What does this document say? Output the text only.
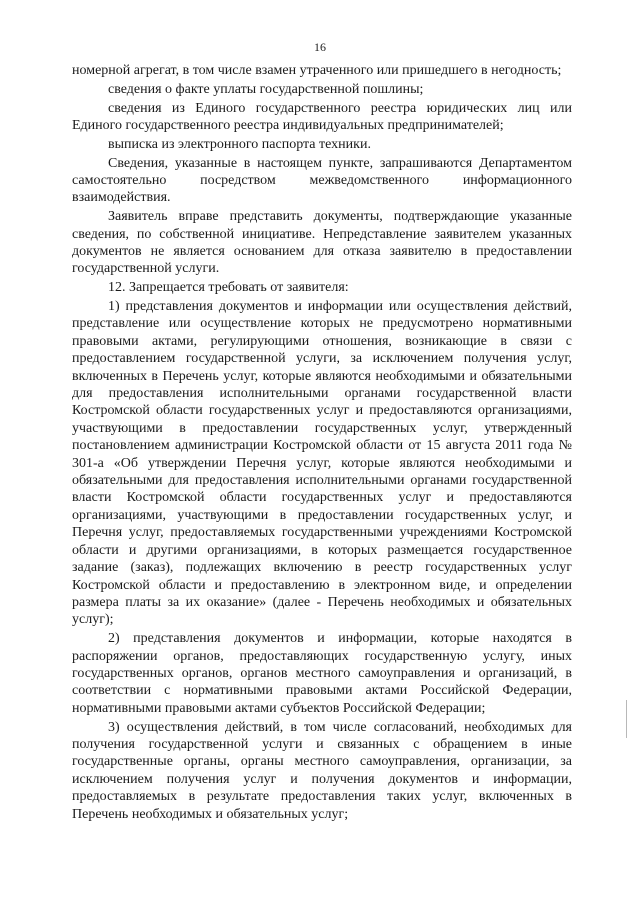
16

номерной агрегат, в том числе взамен утраченного или пришедшего в негодность;

сведения о факте уплаты государственной пошлины;

сведения из Единого государственного реестра юридических лиц или Единого государственного реестра индивидуальных предпринимателей;

выписка из электронного паспорта техники.

Сведения, указанные в настоящем пункте, запрашиваются Департаментом самостоятельно посредством межведомственного информационного взаимодействия.

Заявитель вправе представить документы, подтверждающие указанные сведения, по собственной инициативе. Непредставление заявителем указанных документов не является основанием для отказа заявителю в предоставлении государственной услуги.

12. Запрещается требовать от заявителя:

1) представления документов и информации или осуществления действий, представление или осуществление которых не предусмотрено нормативными правовыми актами, регулирующими отношения, возникающие в связи с предоставлением государственной услуги, за исключением получения услуг, включенных в Перечень услуг, которые являются необходимыми и обязательными для предоставления исполнительными органами государственной власти Костромской области государственных услуг и предоставляются организациями, участвующими в предоставлении государственных услуг, утвержденный постановлением администрации Костромской области от 15 августа 2011 года № 301-а «Об утверждении Перечня услуг, которые являются необходимыми и обязательными для предоставления исполнительными органами государственной власти Костромской области государственных услуг и предоставляются организациями, участвующими в предоставлении государственных услуг, и Перечня услуг, предоставляемых государственными учреждениями Костромской области и другими организациями, в которых размещается государственное задание (заказ), подлежащих включению в реестр государственных услуг Костромской области и предоставлению в электронном виде, и определении размера платы за их оказание» (далее - Перечень необходимых и обязательных услуг);

2) представления документов и информации, которые находятся в распоряжении органов, предоставляющих государственную услугу, иных государственных органов, органов местного самоуправления и организаций, в соответствии с нормативными правовыми актами Российской Федерации, нормативными правовыми актами субъектов Российской Федерации;

3) осуществления действий, в том числе согласований, необходимых для получения государственной услуги и связанных с обращением в иные государственные органы, органы местного самоуправления, организации, за исключением получения услуг и получения документов и информации, предоставляемых в результате предоставления таких услуг, включенных в Перечень необходимых и обязательных услуг;
